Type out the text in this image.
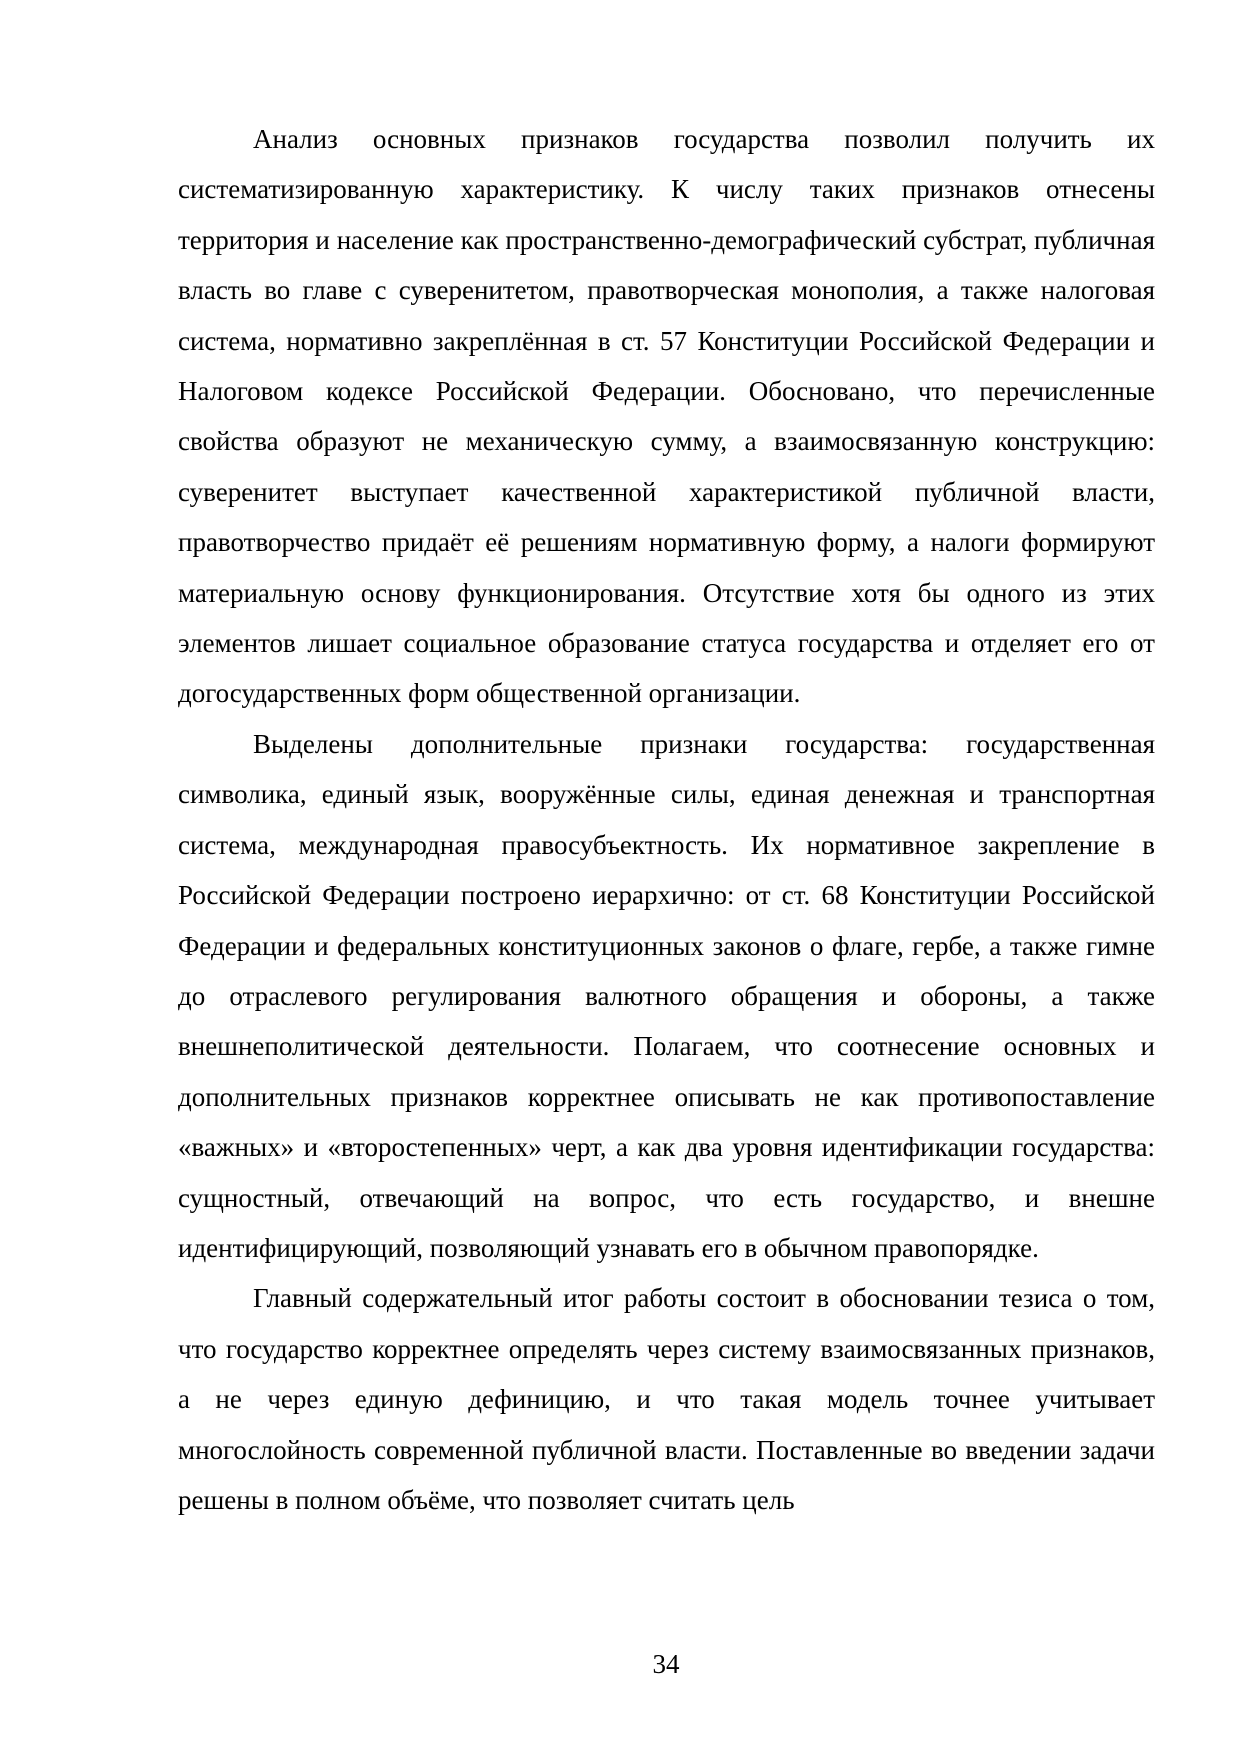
Анализ основных признаков государства позволил получить их систематизированную характеристику. К числу таких признаков отнесены территория и население как пространственно-демографический субстрат, публичная власть во главе с суверенитетом, правотворческая монополия, а также налоговая система, нормативно закреплённая в ст. 57 Конституции Российской Федерации и Налоговом кодексе Российской Федерации. Обосновано, что перечисленные свойства образуют не механическую сумму, а взаимосвязанную конструкцию: суверенитет выступает качественной характеристикой публичной власти, правотворчество придаёт её решениям нормативную форму, а налоги формируют материальную основу функционирования. Отсутствие хотя бы одного из этих элементов лишает социальное образование статуса государства и отделяет его от догосударственных форм общественной организации.

Выделены дополнительные признаки государства: государственная символика, единый язык, вооружённые силы, единая денежная и транспортная система, международная правосубъектность. Их нормативное закрепление в Российской Федерации построено иерархично: от ст. 68 Конституции Российской Федерации и федеральных конституционных законов о флаге, гербе, а также гимне до отраслевого регулирования валютного обращения и обороны, а также внешнеполитической деятельности. Полагаем, что соотнесение основных и дополнительных признаков корректнее описывать не как противопоставление «важных» и «второстепенных» черт, а как два уровня идентификации государства: сущностный, отвечающий на вопрос, что есть государство, и внешне идентифицирующий, позволяющий узнавать его в обычном правопорядке.

Главный содержательный итог работы состоит в обосновании тезиса о том, что государство корректнее определять через систему взаимосвязанных признаков, а не через единую дефиницию, и что такая модель точнее учитывает многослойность современной публичной власти. Поставленные во введении задачи решены в полном объёме, что позволяет считать цель

34
